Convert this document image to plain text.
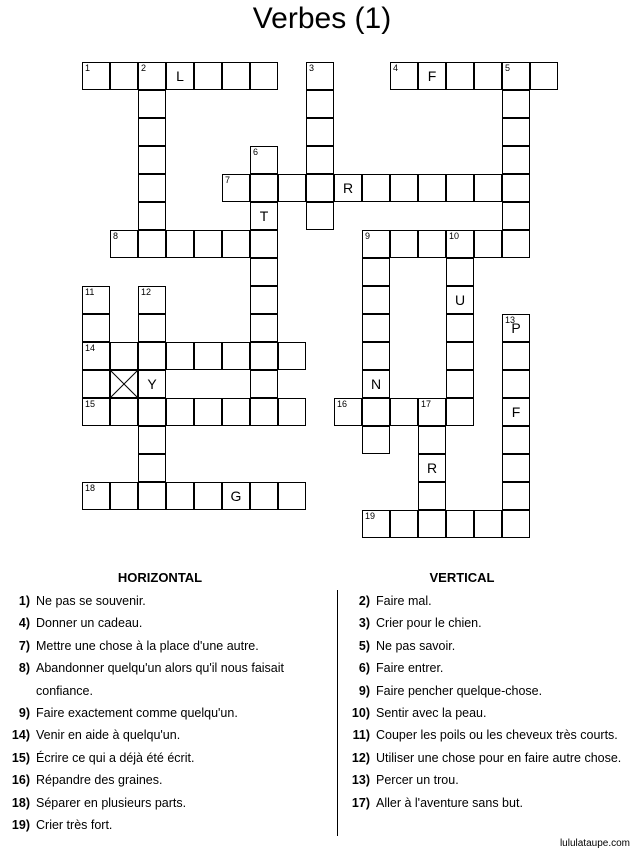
Verbes (1)
1	2	L	3	4	F	5
6
7	R
T
8	9	10
11	12	U
13
P
14
Y	N
15	16	17	F
R
18	G
19
HORIZONTAL	VERTICAL
1) Ne pas se souvenir.
4) Donner un cadeau.
7) Mettre une chose à la place d'une autre.
8) Abandonner quelqu'un alors qu'il nous faisait
confiance.
9) Faire exactement comme quelqu'un.
14) Venir en aide à quelqu'un.
15) Écrire ce qui a déjà été écrit.
16) Répandre des graines.
18) Séparer en plusieurs parts.
19) Crier très fort.
2) Faire mal.
3) Crier pour le chien.
5) Ne pas savoir.
6) Faire entrer.
9) Faire pencher quelque-chose.
10) Sentir avec la peau.
11) Couper les poils ou les cheveux très courts.
12) Utiliser une chose pour en faire autre chose.
13) Percer un trou.
17) Aller à l'aventure sans but.
lululataupe.com
